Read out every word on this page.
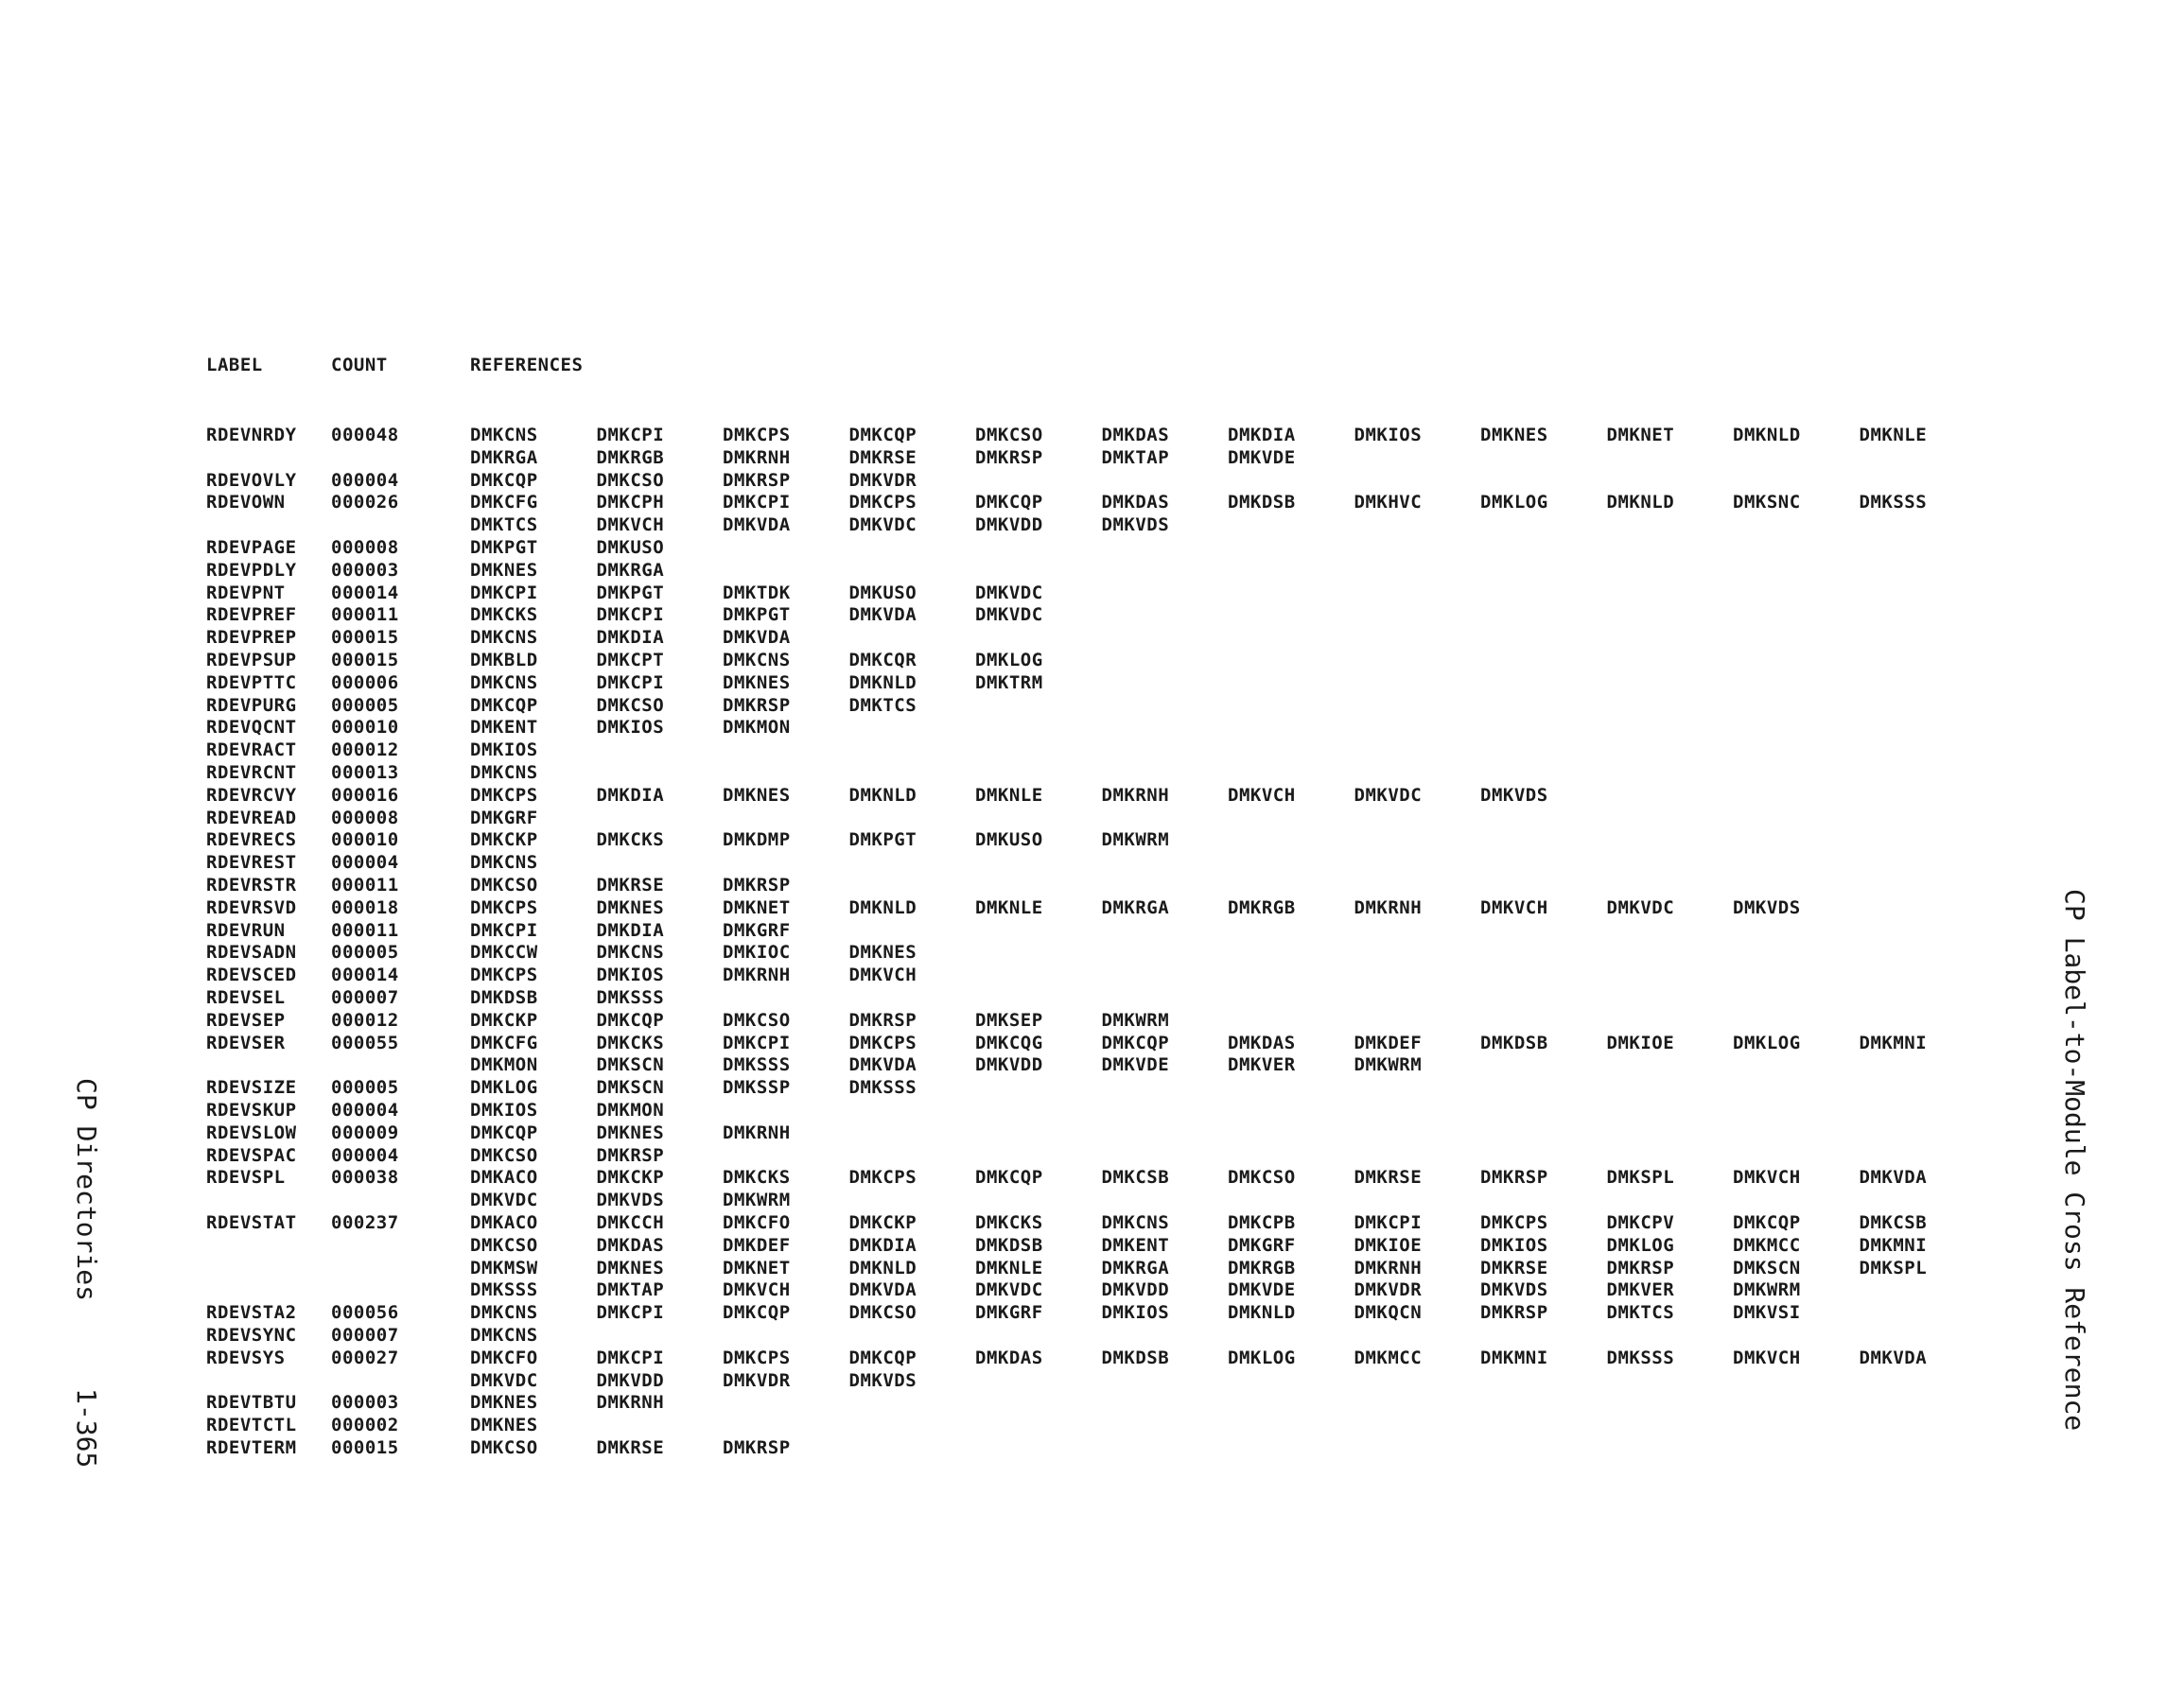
LABEL	COUNT	REFERENCES
RDEVNRDY 000048	DMKCNS	DMKCPI	DMKCPS	DMKCQP	DMKCSO	DMKDAS	DMKDIA	DMKIOS	DMKNES	DMKNET	DMKNLD	DMKNLE
DMKRGA	DMKRGB	DMKRNH	DMKRSE	DMKRSP	DMKTAP	DMKVDE
RDEVOVLY 000004	DMKCQP	DMKCSO	DMKRSP	DMKVDR
RDEVOWN	000026	DMKCFG	DMKCPH	DMKCPI	DMKCPS	DMKCQP	DMKDAS	DMKDSB	DMKHVC	DMKLOG	DMKNLD	DMKSNC	DMKSSS
DMKTCS	DMKVCH	DMKVDA	DMKVDC	DMKVDD	DMKVDS
RDEVPAGE 000008	DMKPGT	DMKUSO
RDEVPDLY 000003	DMKNES	DMKRGA
RDEVPNT	000014	DMKCPI	DMKPGT	DMKTDK	DMKUSO	DMKVDC
RDEVPREF 000011	DMKCKS	DMKCPI	DMKPGT	DMKVDA	DMKVDC
RDEVPREP 000015	DMKCNS	DMKDIA	DMKVDA
RDEVPSUP 000015	DMKBLD	DMKCPT	DMKCNS	DMKCQR	DMKLOG
RDEVPTTC 000006	DMKCNS	DMKCPI	DMKNES	DMKNLD	DMKTRM
RDEVPURG 000005	DMKCQP	DMKCSO	DMKRSP	DMKTCS
RDEVQCNT 000010	DMKENT	DMKIOS	DMKMON
RDEVRACT 000012	DMKIOS
RDEVRCNT 000013	DMKCNS
RDEVRCVY 000016	DMKCPS	DMKDIA	DMKNES	DMKNLD	DMKNLE	DMKRNH	DMKVCH	DMKVDC	DMKVDS
RDEVREAD 000008	DMKGRF
RDEVRECS 000010	DMKCKP	DMKCKS	DMKDMP	DMKPGT	DMKUSO	DMKWRM
RDEVREST 000004	DMKCNS
RDEVRSTR 000011	DMKCSO	DMKRSE	DMKRSP
RDEVRSVD 000018	DMKCPS	DMKNES	DMKNET	DMKNLD	DMKNLE	DMKRGA	DMKRGB	DMKRNH	DMKVCH	DMKVDC	DMKVDS
RDEVRUN	000011	DMKCPI	DMKDIA	DMKGRF
RDEVSADN 000005	DMKCCW	DMKCNS	DMKIOC	DMKNES
RDEVSCED 000014	DMKCPS	DMKIOS	DMKRNH	DMKVCH
RDEVSEL	000007	DMKDSB	DMKSSS
RDEVSEP	000012	DMKCKP	DMKCQP	DMKCSO	DMKRSP	DMKSEP	DMKWRM
RDEVSER	000055	DMKCFG	DMKCKS	DMKCPI	DMKCPS	DMKCQG	DMKCQP	DMKDAS	DMKDEF	DMKDSB	DMKIOE	DMKLOG	DMKMNI
DMKMON	DMKSCN	DMKSSS	DMKVDA	DMKVDD	DMKVDE	DMKVER	DMKWRM
RDEVSIZE 000005	DMKLOG	DMKSCN	DMKSSP	DMKSSS
RDEVSKUP 000004	DMKIOS	DMKMON
RDEVSLOW 000009	DMKCQP	DMKNES	DMKRNH
RDEVSPAC 000004	DMKCSO	DMKRSP
RDEVSPL	000038	DMKACO	DMKCKP	DMKCKS	DMKCPS	DMKCQP	DMKCSB	DMKCSO	DMKRSE	DMKRSP	DMKSPL	DMKVCH	DMKVDA
DMKVDC	DMKVDS	DMKWRM
RDEVSTAT 000237	DMKACO	DMKCCH	DMKCFO	DMKCKP	DMKCKS	DMKCNS	DMKCPB	DMKCPI	DMKCPS	DMKCPV	DMKCQP	DMKCSB
DMKCSO	DMKDAS	DMKDEF	DMKDIA	DMKDSB	DMKENT	DMKGRF	DMKIOE	DMKIOS	DMKLOG	DMKMCC	DMKMNI
DMKMSW	DMKNES	DMKNET	DMKNLD	DMKNLE	DMKRGA	DMKRGB	DMKRNH	DMKRSE	DMKRSP	DMKSCN	DMKSPL
DMKSSS	DMKTAP	DMKVCH	DMKVDA	DMKVDC	DMKVDD	DMKVDE	DMKVDR	DMKVDS	DMKVER	DMKWRM
RDEVSTA2 000056	DMKCNS	DMKCPI	DMKCQP	DMKCSO	DMKGRF	DMKIOS	DMKNLD	DMKQCN	DMKRSP	DMKTCS	DMKVSI
RDEVSYNC 000007	DMKCNS
RDEVSYS	000027	DMKCFO	DMKCPI	DMKCPS	DMKCQP	DMKDAS	DMKDSB	DMKLOG	DMKMCC	DMKMNI	DMKSSS	DMKVCH	DMKVDA
DMKVDC	DMKVDD	DMKVDR	DMKVDS
RDEVTBTU 000003	DMKNES	DMKRNH
RDEVTCTL 000002	DMKNES
RDEVTERM 000015	DMKCSO	DMKRSE	DMKRSP
CP Directories
1-365	CP Label-to-Module Cross Reference
